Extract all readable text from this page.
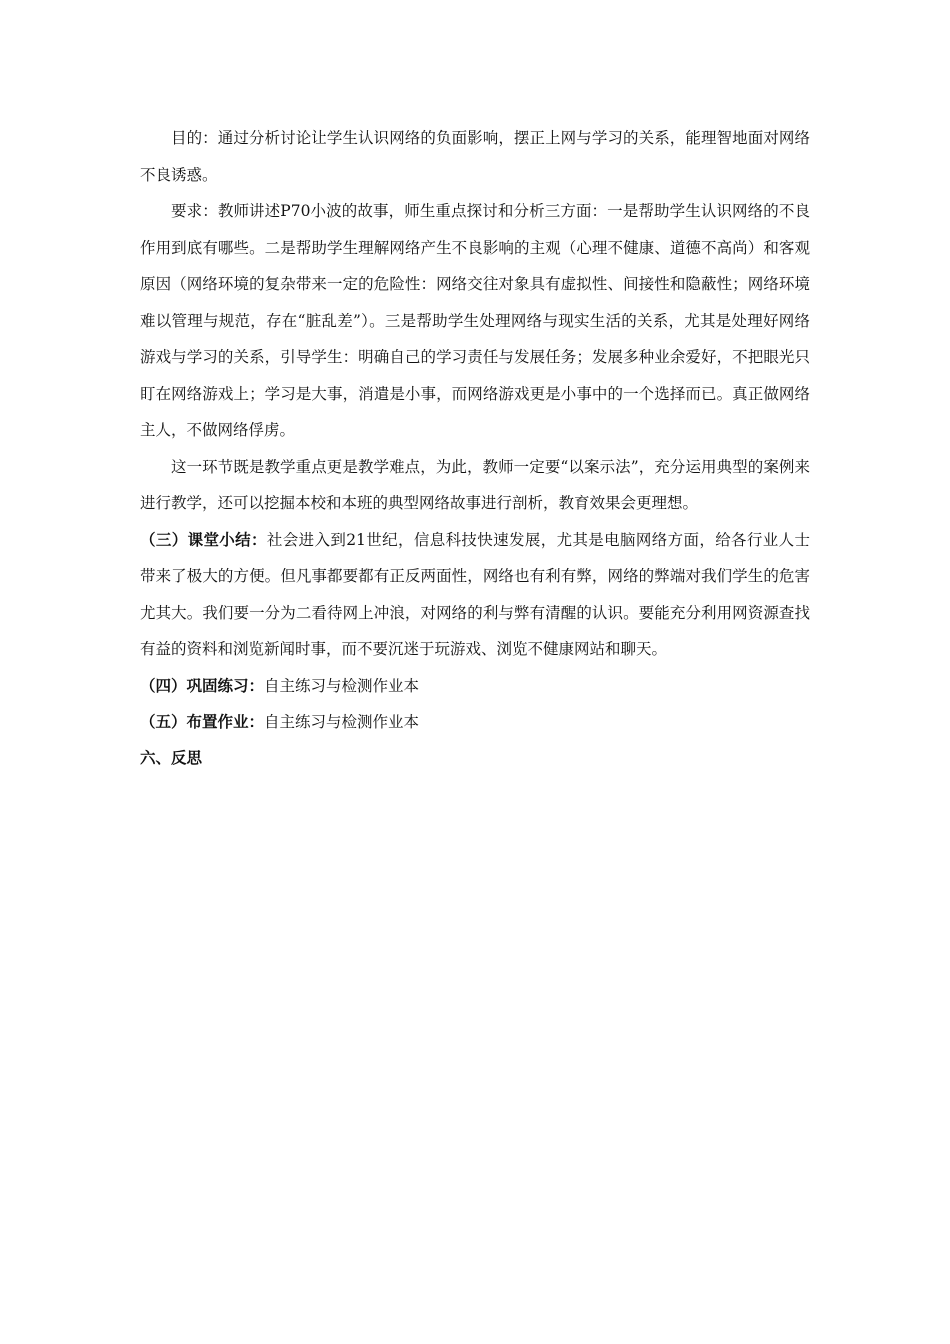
目的：通过分析讨论让学生认识网络的负面影响，摆正上网与学习的关系，能理智地面对网络不良诱惑。

要求：教师讲述P70小波的故事，师生重点探讨和分析三方面：一是帮助学生认识网络的不良作用到底有哪些。二是帮助学生理解网络产生不良影响的主观（心理不健康、道德不高尚）和客观原因（网络环境的复杂带来一定的危险性：网络交往对象具有虚拟性、间接性和隐蔽性；网络环境难以管理与规范，存在“脏乱差”）。三是帮助学生处理网络与现实生活的关系，尤其是处理好网络游戏与学习的关系，引导学生：明确自己的学习责任与发展任务；发展多种业余爱好，不把眼光只盯在网络游戏上；学习是大事，消遣是小事，而网络游戏更是小事中的一个选择而已。真正做网络主人，不做网络俘虏。

这一环节既是教学重点更是教学难点，为此，教师一定要“以案示法”，充分运用典型的案例来进行教学，还可以挖掘本校和本班的典型网络故事进行剖析，教育效果会更理想。

（三）课堂小结：社会进入到21世纪，信息科技快速发展，尤其是电脑网络方面，给各行业人士带来了极大的方便。但凡事都要都有正反两面性，网络也有利有弊，网络的弊端对我们学生的危害尤其大。我们要一分为二看待网上冲浪，对网络的利与弊有清醒的认识。要能充分利用网资源查找有益的资料和浏览新闻时事，而不要沉迷于玩游戏、浏览不健康网站和聊天。

（四）巩固练习：自主练习与检测作业本

（五）布置作业：自主练习与检测作业本

六、反思
